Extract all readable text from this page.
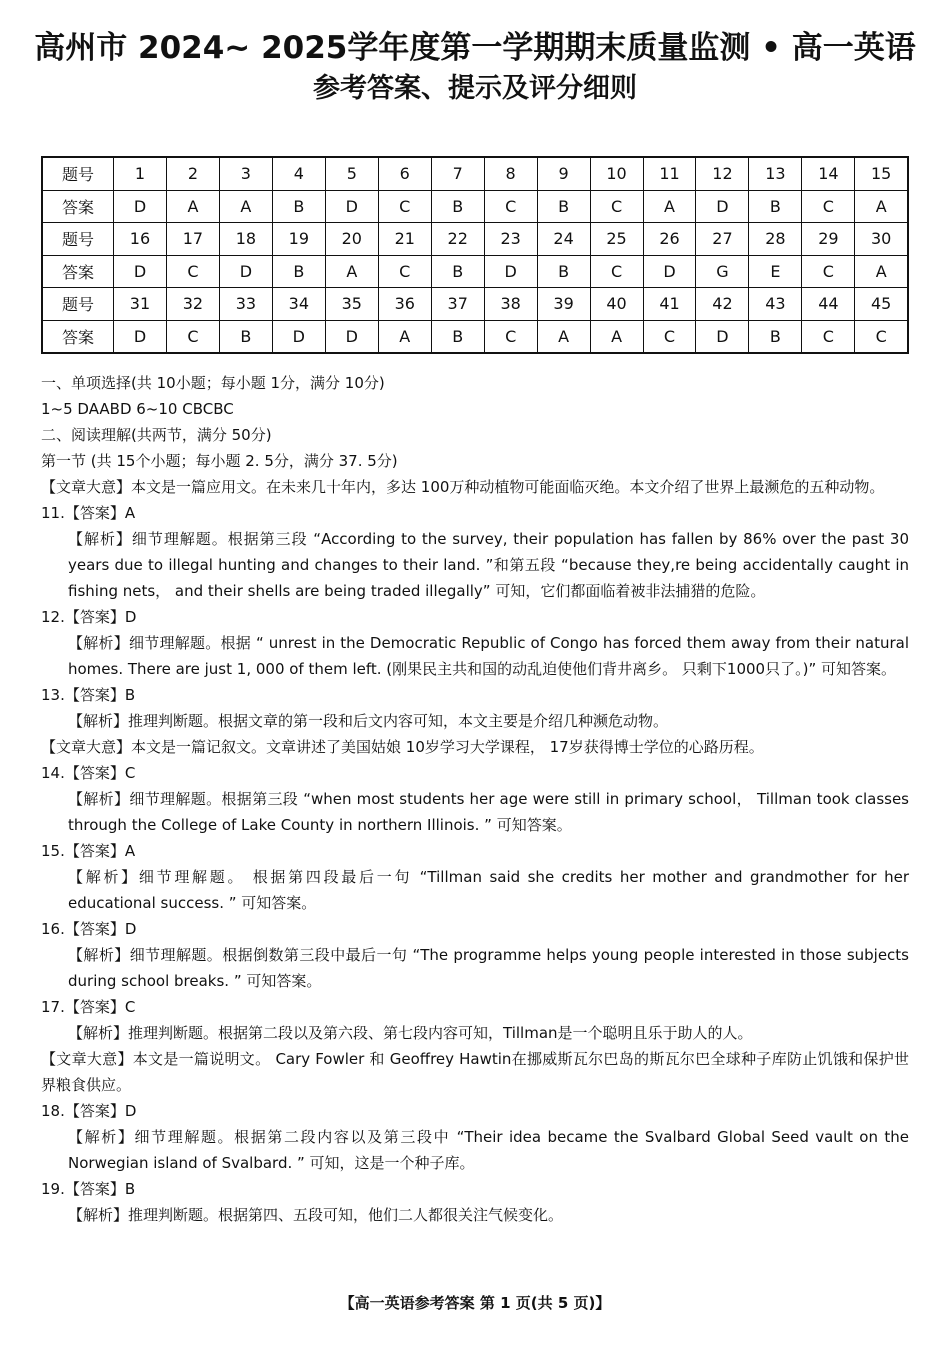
高州市 2024~ 2025学年度第一学期期末质量监测 • 高一英语
参考答案、提示及评分细则
题号	1	2	3	4	5	6	7	8	9	10	11	12	13	14	15
答案	D	A	A	B	D	C	B	C	B	C	A	D	B	C	A
题号	16	17	18	19	20	21	22	23	24	25	26	27	28	29	30
答案	D	C	D	B	A	C	B	D	B	C	D	G	E	C	A
题号	31	32	33	34	35	36	37	38	39	40	41	42	43	44	45
答案	D	C	B	D	D	A	B	C	A	A	C	D	B	C	C

一、单项选择(共 10小题；每小题 1分，满分 10分)

1~5 DAABD 6~10 CBCBC

二、阅读理解(共两节，满分 50分)

第一节 (共 15个小题；每小题 2. 5分，满分 37. 5分)

【文章大意】本文是一篇应用文。在未来几十年内，多达 100万种动植物可能面临灭绝。本文介绍了世界上最濒危的五种动物。

11.【答案】A

【解析】细节理解题。根据第三段 “According to the survey, their population has fallen by 86% over the past 30 years due to illegal hunting and changes to their land. ”和第五段 “because they,re being accidentally caught in fishing nets， and their shells are being traded illegally” 可知，它们都面临着被非法捕猎的危险。

12.【答案】D

【解析】细节理解题。根据 “ unrest in the Democratic Republic of Congo has forced them away from their natural homes. There are just 1, 000 of them left. (刚果民主共和国的动乱迫使他们背井离乡。 只剩下1000只了。)” 可知答案。

13.【答案】B

【解析】推理判断题。根据文章的第一段和后文内容可知，本文主要是介绍几种濒危动物。

【文章大意】本文是一篇记叙文。文章讲述了美国姑娘 10岁学习大学课程， 17岁获得博士学位的心路历程。

14.【答案】C

【解析】细节理解题。根据第三段 “when most students her age were still in primary school， Tillman took classes through the College of Lake County in northern Illinois. ” 可知答案。

15.【答案】A

【解析】细节理解题。 根据第四段最后一句 “Tillman said she credits her mother and grandmother for her educational success. ” 可知答案。

16.【答案】D

【解析】细节理解题。根据倒数第三段中最后一句 “The programme helps young people interested in those subjects during school breaks. ” 可知答案。

17.【答案】C

【解析】推理判断题。根据第二段以及第六段、第七段内容可知，Tillman是一个聪明且乐于助人的人。

【文章大意】本文是一篇说明文。 Cary Fowler 和 Geoffrey Hawtin在挪威斯瓦尔巴岛的斯瓦尔巴全球种子库防止饥饿和保护世界粮食供应。

18.【答案】D

【解析】细节理解题。根据第二段内容以及第三段中 “Their idea became the Svalbard Global Seed vault on the Norwegian island of Svalbard. ” 可知，这是一个种子库。

19.【答案】B

【解析】推理判断题。根据第四、五段可知，他们二人都很关注气候变化。

【高一英语参考答案 第 1 页(共 5 页)】
